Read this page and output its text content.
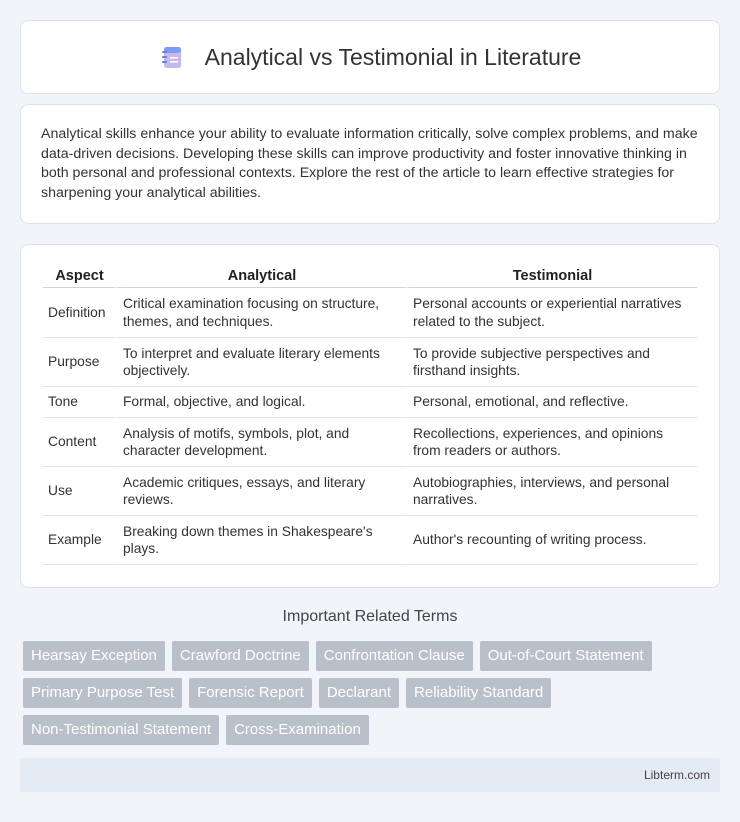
Analytical vs Testimonial in Literature

Analytical skills enhance your ability to evaluate information critically, solve complex problems, and make data-driven decisions. Developing these skills can improve productivity and foster innovative thinking in both personal and professional contexts. Explore the rest of the article to learn effective strategies for sharpening your analytical abilities.

Aspect	Analytical	Testimonial
Definition	Critical examination focusing on structure, themes, and techniques.	Personal accounts or experiential narratives related to the subject.
Purpose	To interpret and evaluate literary elements objectively.	To provide subjective perspectives and firsthand insights.
Tone	Formal, objective, and logical.	Personal, emotional, and reflective.
Content	Analysis of motifs, symbols, plot, and character development.	Recollections, experiences, and opinions from readers or authors.
Use	Academic critiques, essays, and literary reviews.	Autobiographies, interviews, and personal narratives.
Example	Breaking down themes in Shakespeare's plays.	Author's recounting of writing process.
Important Related Terms
Hearsay Exception	Crawford Doctrine	Confrontation Clause	Out-of-Court Statement
Primary Purpose Test	Forensic Report	Declarant	Reliability Standard
Non-Testimonial Statement	Cross-Examination
Libterm.com
